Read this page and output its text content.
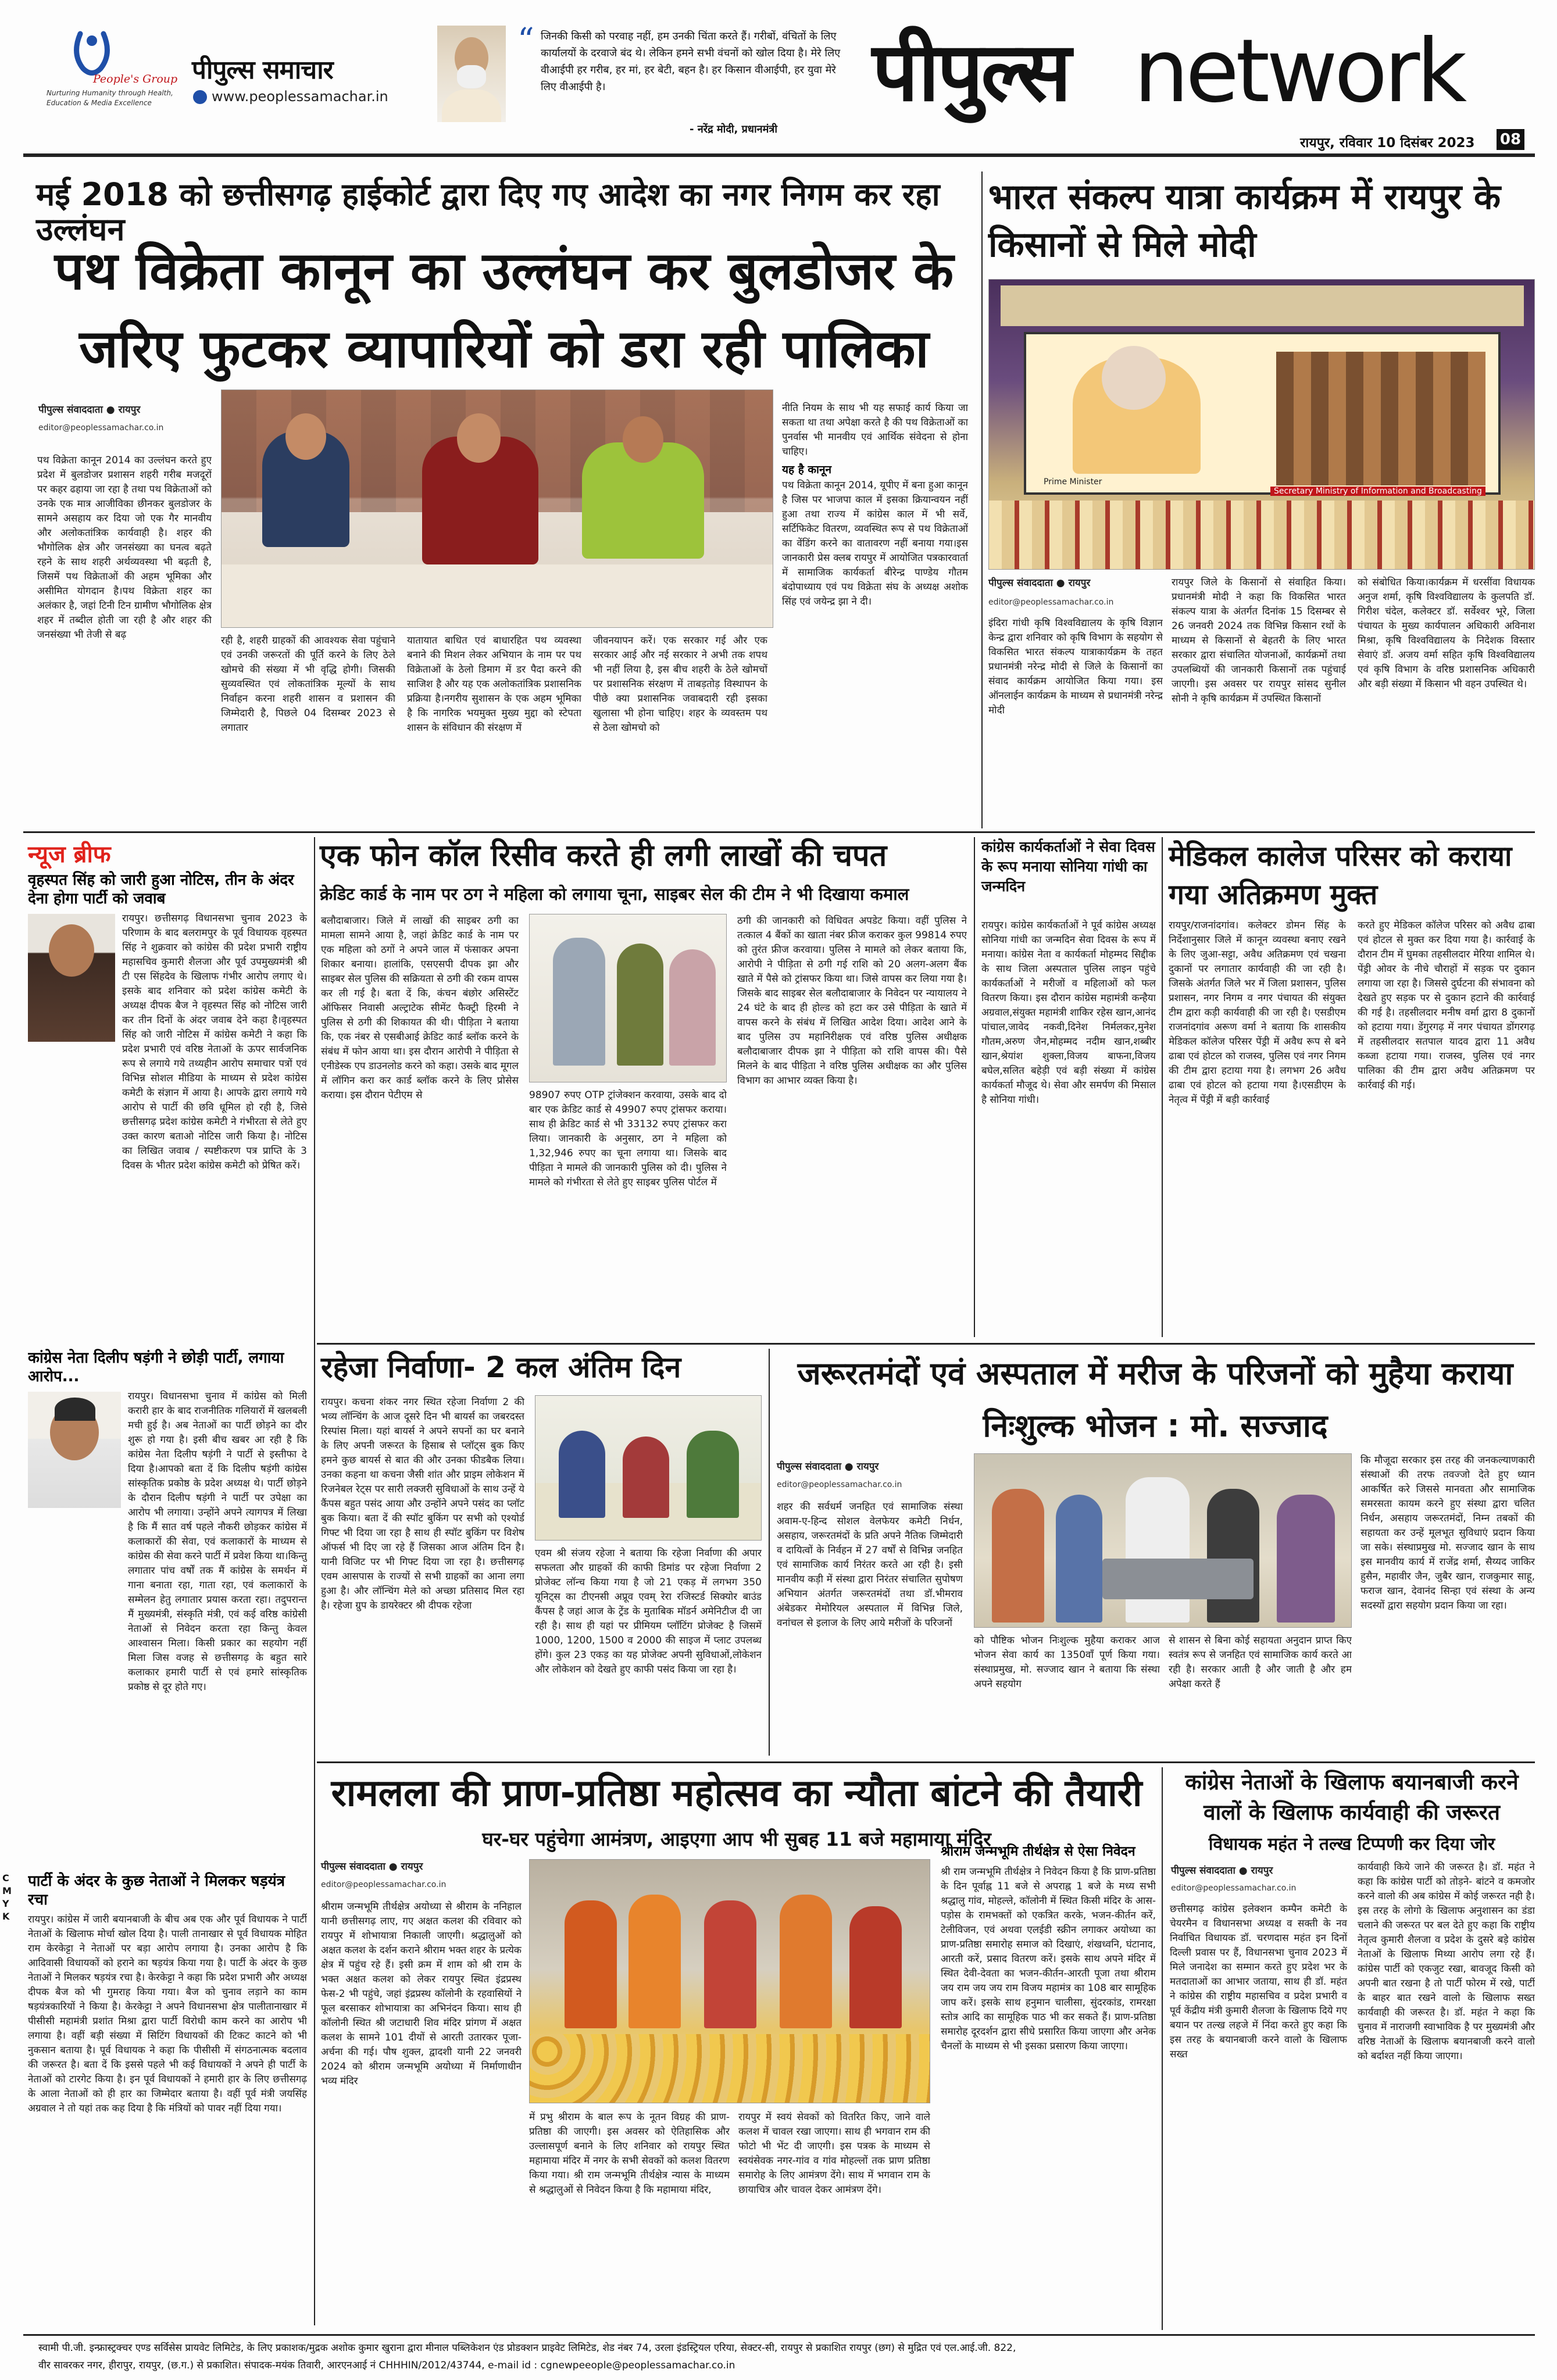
People's Group
Nurturing Humanity through Health, Education & Media Excellence
पीपुल्स समाचार
www.peoplessamachar.in
“ जिनकी किसी को परवाह नहीं, हम उनकी चिंता करते हैं। गरीबों, वंचितों के लिए कार्यालयों के दरवाजे बंद थे। लेकिन हमने सभी वंचनों को खोल दिया है। मेरे लिए वीआईपी हर गरीब, हर मां, हर बेटी, बहन है। हर किसान वीआईपी, हर युवा मेरे लिए वीआईपी है।
- नरेंद्र मोदी, प्रधानमंत्री
पीपुल्स network
रायपुर, रविवार 10 दिसंबर 2023 08
मई 2018 को छत्तीसगढ़ हाईकोर्ट द्वारा दिए गए आदेश का नगर निगम कर रहा उल्लंघन
पथ विक्रेता कानून का उल्लंघन कर बुलडोजर के जरिए फुटकर व्यापारियों को डरा रही पालिका
पीपुल्स संवाददाता ● रायपुर
editor@peoplessamachar.co.in
पथ विक्रेता कानून 2014 का उल्लंघन करते हुए प्रदेश में बुलडोजर प्रशासन शहरी गरीब मजदूरों पर कहर ढहाया जा रहा है तथा पथ विक्रेताओं को उनके एक मात्र आजीविका छीनकर बुलडोजर के सामने असहाय कर दिया जो एक गैर मानवीय और अलोकतांत्रिक कार्यवाही है। शहर की भौगोलिक क्षेत्र और जनसंख्या का घनत्व बढ़ते रहने के साथ शहरी अर्थव्यवस्था भी बढ़ती है, जिसमें पथ विक्रेताओं की अहम भूमिका और असीमित योगदान है।पथ विक्रेता शहर का अलंकार है, जहां टिनी टिन ग्रामीण भौगोलिक क्षेत्र शहर में तब्दील होती जा रही है और शहर की जनसंख्या भी तेजी से बढ़	रही है, शहरी ग्राहकों की आवश्यक सेवा पहुंचाने एवं उनकी जरूरतों की पूर्ति करने के लिए ठेले खोमचे की संख्या में भी वृद्धि होगी। जिसकी सुव्यवस्थित एवं लोकतांत्रिक मूल्यों के साथ निर्वाहन करना शहरी शासन व प्रशासन की जिम्मेदारी है, पिछले 04 दिसम्बर 2023 से लगातार
यातायात बाधित एवं बाधारहित पथ व्यवस्था बनाने की मिशन लेकर अभियान के नाम पर पथ विक्रेताओं के ठेलो डिमाग में डर पैदा करने की साजिश है और यह एक अलोकतांत्रिक प्रशासनिक प्रक्रिया है।नगरीय सुशासन के एक अहम भूमिका है कि नागरिक भयमुक्त मुख्य मुद्दा को स्टेपता शासन के संविधान की संरक्षण में
जीवनयापन करें। एक सरकार गई और एक सरकार आई और नई सरकार ने अभी तक शपथ भी नहीं लिया है, इस बीच शहरी के ठेले खोमचों पर प्रशासनिक संरक्षण में ताबड़तोड़ विस्थापन के पीछे क्या प्रशासनिक जवाबदारी रही इसका खुलासा भी होना चाहिए। शहर के व्यवस्तम पथ से ठेला खोमचो को
नीति नियम के साथ भी यह सफाई कार्य किया जा सकता था तथा अपेक्षा करते है की पथ विक्रेताओं का पुनर्वास भी मानवीय एवं आर्थिक संवेदना से होना चाहिए।
यह है कानून
पथ विक्रेता कानून 2014, यूपीए में बना हुआ कानून है जिस पर भाजपा काल में इसका क्रियान्वयन नहीं हुआ तथा राज्य में कांग्रेस काल में भी सर्वे, सर्टिफिकेट वितरण, व्यवस्थित रूप से पथ विक्रेताओं का वेंडिंग करने का वातावरण नहीं बनाया गया।इस जानकारी प्रेस क्लब रायपुर में आयोजित पत्रकारवार्ता में सामाजिक कार्यकर्ता बीरेन्द्र पाण्डेय गौतम बंदोपाध्याय एवं पथ विक्रेता संघ के अध्यक्ष अशोक सिंह एवं जयेन्द्र झा ने दी।
भारत संकल्प यात्रा कार्यक्रम में रायपुर के किसानों से मिले मोदी
Prime Minister
Secretary Ministry of Information and Broadcasting
पीपुल्स संवाददाता ● रायपुर
editor@peoplessamachar.co.in
इंदिरा गांधी कृषि विश्वविद्यालय के कृषि विज्ञान केन्द्र द्वारा शनिवार को कृषि विभाग के सहयोग से विकसित भारत संकल्प यात्राकार्यक्रम के तहत प्रधानमंत्री नरेन्द्र मोदी से जिले के किसानों का संवाद कार्यक्रम आयोजित किया गया। इस ऑनलाईन कार्यक्रम के माध्यम से प्रधानमंत्री नरेन्द्र मोदी
रायपुर जिले के किसानों से संवाहित किया।प्रधानमंत्री मोदी ने कहा कि विकसित भारत संकल्प यात्रा के अंतर्गत दिनांक 15 दिसम्बर से 26 जनवरी 2024 तक विभिन्न किसान रथों के माध्यम से किसानों से बेहतरी के लिए भारत सरकार द्वारा संचालित योजनाओं, कार्यक्रमों तथा उपलब्धियों की जानकारी किसानों तक पहुंचाई जाएगी। इस अवसर पर रायपुर सांसद सुनील सोनी ने कृषि कार्यक्रम में उपस्थित किसानों
को संबोधित किया।कार्यक्रम में धरसींवा विधायक अनुज शर्मा, कृषि विश्वविद्यालय के कुलपति डॉ. गिरीश चंदेल, कलेक्टर डॉ. सर्वेश्वर भूरे, जिला पंचायत के मुख्य कार्यपालन अधिकारी अविनाश मिश्रा, कृषि विश्वविद्यालय के निदेशक विस्तार सेवाएं डॉ. अजय वर्मा सहित कृषि विश्वविद्यालय एवं कृषि विभाग के वरिष्ठ प्रशासनिक अधिकारी और बड़ी संख्या में किसान भी वहन उपस्थित थे।
न्यूज ब्रीफ
वृहस्पत सिंह को जारी हुआ नोटिस, तीन के अंदर देना होगा पार्टी को जवाब
रायपुर। छत्तीसगढ़ विधानसभा चुनाव 2023 के परिणाम के बाद बलरामपुर के पूर्व विधायक वृहस्पत सिंह ने शुक्रवार को कांग्रेस की प्रदेश प्रभारी राष्ट्रीय महासचिव कुमारी शैलजा और पूर्व उपमुख्यमंत्री श्री टी एस सिंहदेव के खिलाफ गंभीर आरोप लगाए थे। इसके बाद शनिवार को प्रदेश कांग्रेस कमेटी के अध्यक्ष दीपक बैज ने वृहस्पत सिंह को नोटिस जारी कर तीन दिनों के अंदर जवाब देने कहा है।वृहस्पत सिंह को जारी नोटिस में कांग्रेस कमेटी ने कहा कि प्रदेश प्रभारी एवं वरिष्ठ नेताओं के ऊपर सार्वजनिक रूप से लगाये गये तथ्यहीन आरोप समाचार पत्रों एवं विभिन्न सोशल मीडिया के माध्यम से प्रदेश कांग्रेस कमेटी के संज्ञान में आया है। आपके द्वारा लगाये गये आरोप से पार्टी की छवि धूमिल हो रही है, जिसे छत्तीसगढ़ प्रदेश कांग्रेस कमेटी ने गंभीरता से लेते हुए उक्त कारण बताओ नोटिस जारी किया है। नोटिस का लिखित जवाब / स्पष्टीकरण पत्र प्राप्ति के 3 दिवस के भीतर प्रदेश कांग्रेस कमेटी को प्रेषित करें।
कांग्रेस नेता दिलीप षड़ंगी ने छोड़ी पार्टी, लगाया आरोप...
रायपुर। विधानसभा चुनाव में कांग्रेस को मिली करारी हार के बाद राजनीतिक गलियारों में खलबली मची हुई है। अब नेताओं का पार्टी छोड़ने का दौर शुरू हो गया है। इसी बीच खबर आ रही है कि कांग्रेस नेता दिलीप षड़ंगी ने पार्टी से इस्तीफा दे दिया है।आपको बता दें कि दिलीप षड़ंगी कांग्रेस सांस्कृतिक प्रकोष्ठ के प्रदेश अध्यक्ष थे। पार्टी छोड़ने के दौरान दिलीप षड़ंगी ने पार्टी पर उपेक्षा का आरोप भी लगाया। उन्होंने अपने त्यागपत्र में लिखा है कि मैं सात वर्ष पहले नौकरी छोड़कर कांग्रेस में कलाकारों की सेवा, एवं कलाकारों के माध्यम से कांग्रेस की सेवा करने पार्टी में प्रवेश किया था।किन्तु लगातार पांच वर्षों तक मैं कांग्रेस के समर्थन में गाना बनाता रहा, गाता रहा, एवं कलाकारों के सम्मेलन हेतु लगातार प्रयास करता रहा। तदुपरान्त मैं मुख्यमंत्री, संस्कृति मंत्री, एवं कई वरिष्ठ कांग्रेसी नेताओं से निवेदन करता रहा किन्तु केवल आश्वासन मिला। किसी प्रकार का सहयोग नहीं मिला जिस वजह से छत्तीसगढ़ के बहुत सारे कलाकार हमारी पार्टी से एवं हमारे सांस्कृतिक प्रकोष्ठ से दूर होते गए।
पार्टी के अंदर के कुछ नेताओं ने मिलकर षड़यंत्र रचा
रायपुर। कांग्रेस में जारी बयानबाजी के बीच अब एक और पूर्व विधायक ने पार्टी नेताओं के खिलाफ मोर्चा खोल दिया है। पाली तानाखार से पूर्व विधायक मोहित राम केरकेट्टा ने नेताओं पर बड़ा आरोप लगाया है। उनका आरोप है कि आदिवासी विधायकों को हराने का षड़यंत्र किया गया है। पार्टी के अंदर के कुछ नेताओं ने मिलकर षड़यंत्र रचा है। केरकेट्टा ने कहा कि प्रदेश प्रभारी और अध्यक्ष दीपक बैज को भी गुमराह किया गया। बैज को चुनाव लड़ाने का काम षड़यंत्रकारियों ने किया है। केरकेट्टा ने अपने विधानसभा क्षेत्र पालीतानाखार में पीसीसी महामंत्री प्रशांत मिश्रा द्वारा पार्टी विरोधी काम करने का आरोप भी लगाया है। वहीं बड़ी संख्या में सिटिंग विधायकों की टिकट काटने को भी नुकसान बताया है। पूर्व विधायक ने कहा कि पीसीसी में संगठनात्मक बदलाव की जरूरत है। बता दें कि इससे पहले भी कई विधायकों ने अपने ही पार्टी के नेताओं को टारगेट किया है। इन पूर्व विधायकों ने हमारी हार के लिए छत्तीसगढ़ के आला नेताओं को ही हार का जिम्मेदार बताया है। वहीं पूर्व मंत्री जयसिंह अग्रवाल ने तो यहां तक कह दिया है कि मंत्रियों को पावर नहीं दिया गया।
C M Y K
एक फोन कॉल रिसीव करते ही लगी लाखों की चपत
क्रेडिट कार्ड के नाम पर ठग ने महिला को लगाया चूना, साइबर सेल की टीम ने भी दिखाया कमाल
बलौदाबाजार। जिले में लाखों की साइबर ठगी का मामला सामने आया है, जहां क्रेडिट कार्ड के नाम पर एक महिला को ठगों ने अपने जाल में फंसाकर अपना शिकार बनाया। हालांकि, एसएसपी दीपक झा और साइबर सेल पुलिस की सक्रियता से ठगी की रकम वापस कर ली गई है। बता दें कि, कंचन बंछोर असिस्टेंट ऑफिसर निवासी अल्ट्राटेक सीमेंट फैक्ट्री हिरमी ने पुलिस से ठगी की शिकायत की थी। पीड़िता ने बताया कि, एक नंबर से एसबीआई क्रेडिट कार्ड ब्लॉक करने के संबंध में फोन आया था। इस दौरान आरोपी ने पीड़िता से एनीडेस्क एप डाउनलोड करने को कहा। उसके बाद मूगल में लॉगिन करा कर कार्ड ब्लॉक करने के लिए प्रोसेस कराया। इस दौरान पेटीएम से	98907 रुपए OTP ट्रांजेक्शन करवाया, उसके बाद दो बार एक क्रेडिट कार्ड से 49907 रुपए ट्रांसफर कराया। साथ ही क्रेडिट कार्ड से भी 33132 रुपए ट्रांसफर करा लिया। जानकारी के अनुसार, ठग ने महिला को 1,32,946 रुपए का चूना लगाया था। जिसके बाद पीड़िता ने मामले की जानकारी पुलिस को दी। पुलिस ने मामले को गंभीरता से लेते हुए साइबर पुलिस पोर्टल में
ठगी की जानकारी को विधिवत अपडेट किया। वहीं पुलिस ने तत्काल 4 बैंकों का खाता नंबर फ्रीज कराकर कुल 99814 रुपए को तुरंत फ्रीज करवाया। पुलिस ने मामले को लेकर बताया कि, आरोपी ने पीड़िता से ठगी गई राशि को 20 अलग-अलग बैंक खाते में पैसे को ट्रांसफर किया था। जिसे वापस कर लिया गया है। जिसके बाद साइबर सेल बलौदाबाजार के निवेदन पर न्यायालय ने 24 घंटे के बाद ही होल्ड को हटा कर उसे पीड़िता के खाते में वापस करने के संबंध में लिखित आदेश दिया। आदेश आने के बाद पुलिस उप महानिरीक्षक एवं वरिष्ठ पुलिस अधीक्षक बलौदाबाजार दीपक झा ने पीड़िता को राशि वापस की। पैसे मिलने के बाद पीड़िता ने वरिष्ठ पुलिस अधीक्षक का और पुलिस विभाग का आभार व्यक्त किया है।
कांग्रेस कार्यकर्ताओं ने सेवा दिवस के रूप मनाया सोनिया गांधी का जन्मदिन
रायपुर। कांग्रेस कार्यकर्ताओं ने पूर्व कांग्रेस अध्यक्ष सोनिया गांधी का जन्मदिन सेवा दिवस के रूप में मनाया। कांग्रेस नेता व कार्यकर्ता मोहम्मद सिद्दीक के साथ जिला अस्पताल पुलिस लाइन पहुंचे कार्यकर्ताओं ने मरीजों व महिलाओं को फल वितरण किया। इस दौरान कांग्रेस महामंत्री कन्हैया अग्रवाल,संयुक्त महामंत्री शाकिर रहेस खान,आनंद पांचाल,जावेद नकवी,दिनेश निर्मलकर,मुनेश गौतम,अरुण जैन,मोहम्मद नदीम खान,शब्बीर खान,श्रेयांश शुक्ला,विजय बाफना,विजय बघेल,सलित बहेड़ी एवं बड़ी संख्या में कांग्रेस कार्यकर्ता मौजूद थे। सेवा और समर्पण की मिसाल है सोनिया गांधी।
मेडिकल कालेज परिसर को कराया गया अतिक्रमण मुक्त
रायपुर/राजनांदगांव। कलेक्टर डोमन सिंह के निर्देशानुसार जिले में कानून व्यवस्था बनाए रखने के लिए जुआ-सट्टा, अवैध अतिक्रमण एवं चखना दुकानों पर लगातार कार्यवाही की जा रही है। जिसके अंतर्गत जिले भर में जिला प्रशासन, पुलिस प्रशासन, नगर निगम व नगर पंचायत की संयुक्त टीम द्वारा कड़ी कार्यवाही की जा रही है। एसडीएम राजनांदगांव अरूण वर्मा ने बताया कि शासकीय मेडिकल कॉलेज परिसर पेंड्री में अवैध रूप से बने ढाबा एवं होटल को राजस्व, पुलिस एवं नगर निगम की टीम द्वारा हटाया गया है। लगभग 26 अवैध ढाबा एवं होटल को हटाया गया है।एसडीएम के नेतृत्व में पेंड्री में बड़ी कार्रवाई
करते हुए मेडिकल कॉलेज परिसर को अवैध ढाबा एवं होटल से मुक्त कर दिया गया है। कार्रवाई के दौरान टीम में घुमका तहसीलदार मेरिया शामिल थे। पेंड्री ओवर के नीचे चौराहों में सड़क पर दुकान लगाया जा रहा है। जिससे दुर्घटना की संभावना को देखते हुए सड़क पर से दुकान हटाने की कार्रवाई की गई है। तहसीलदार मनीष वर्मा द्वारा 8 दुकानों को हटाया गया। डेंगुरगढ़ में नगर पंचायत डोंगरगढ़ में तहसीलदार सतपाल यादव द्वारा 11 अवैध कब्जा हटाया गया। राजस्व, पुलिस एवं नगर पालिका की टीम द्वारा अवैध अतिक्रमण पर कार्रवाई की गई।
रहेजा निर्वाणा- 2 कल अंतिम दिन
रायपुर। कचना शंकर नगर स्थित रहेजा निर्वाणा 2 की भव्य लॉन्चिंग के आज दूसरे दिन भी बायर्स का जबरदस्त रिस्पांस मिला। यहां बायर्स ने अपने सपनों का घर बनाने के लिए अपनी जरूरत के हिसाब से प्लॉट्स बुक किए हमने कुछ बायर्स से बात की और उनका फीडबैक लिया। उनका कहना था कचना जैसी शांत और प्राइम लोकेशन में रिजनेबल रेट्स पर सारी लक्जरी सुविधाओं के साथ उन्हें ये कैंपस बहुत पसंद आया और उन्होंने अपने पसंद का प्लॉट बुक किया। बता दें की स्पॉट बुकिंग पर सभी को एश्योर्ड गिफ्ट भी दिया जा रहा है साथ ही स्पॉट बुकिंग पर विशेष ऑफर्स भी दिए जा रहे हैं जिसका आज अंतिम दिन है। यानी विजिट पर भी गिफ्ट दिया जा रहा है। छत्तीसगढ़ एवम आसपास के राज्यों से सभी ग्राहकों का आना लगा हुआ है। और लॉन्चिंग मेले को अच्छा प्रतिसाद मिल रहा है। रहेजा ग्रुप के डायरेक्टर श्री दीपक रहेजा
एवम श्री संजय रहेजा ने बताया कि रहेजा निर्वाणा की अपार सफलता और ग्राहकों की काफी डिमांड पर रहेजा निर्वाणा 2 प्रोजेक्ट लॉन्च किया गया है जो 21 एकड़ में लगभग 350 यूनिट्स का टीएनसी अप्रूव एवम् रेरा रजिस्टर्ड सिक्योर बाउंड कैंपस है जहां आज के ट्रेंड के मुताबिक मॉडर्न अमेनिटीज दी जा रही है। साथ ही यहां पर प्रीमियम प्लॉटिंग प्रोजेक्ट है जिसमें 1000, 1200, 1500 व 2000 की साइज में प्लाट उपलब्ध होंगे। कुल 23 एकड़ का यह प्रोजेक्ट अपनी सुविधाओं,लोकेशन और लोकेशन को देखते हुए काफी पसंद किया जा रहा है।
जरूरतमंदों एवं अस्पताल में मरीज के परिजनों को मुहैया कराया निःशुल्क भोजन : मो. सज्जाद
पीपुल्स संवाददाता ● रायपुर
editor@peoplessamachar.co.in
शहर की सर्वधर्म जनहित एवं सामाजिक संस्था अवाम-ए-हिन्द सोशल वेलफेयर कमेटी निर्धन, असहाय, जरूरतमंदों के प्रति अपने नैतिक जिम्मेदारी व दायित्वों के निर्वहन में 27 वर्षों से विभिन्न जनहित एवं सामाजिक कार्य निरंतर करते आ रही है। इसी मानवीय कड़ी में संस्था द्वारा निरंतर संचालित सुपोषण अभियान अंतर्गत जरूरतमंदों तथा डॉ.भीमराव अंबेडकर मेमोरियल अस्पताल में विभिन्न जिले, वनांचल से इलाज के लिए आये मरीजों के परिजनों
को पौष्टिक भोजन निःशुल्क मुहैया कराकर आज भोजन सेवा कार्य का 1350वाँ पूर्ण किया गया। संस्थाप्रमुख, मो. सज्जाद खान ने बताया कि संस्था अपने सहयोग
से शासन से बिना कोई सहायता अनुदान प्राप्त किए स्वतंत्र रूप से जनहित एवं सामाजिक कार्य करते आ रही है। सरकार आती है और जाती है और हम अपेक्षा करते हैं
कि मौजूदा सरकार इस तरह की जनकल्याणकारी संस्थाओं की तरफ तवज्जो देते हुए ध्यान आकर्षित करे जिससे मानवता और सामाजिक समरसता कायम करने हुए संस्था द्वारा चलित निर्धन, असहाय जरूरतमंदों, निम्न तबकों की सहायता कर उन्हें मूलभूत सुविधाएं प्रदान किया जा सके। संस्थाप्रमुख मो. सज्जाद खान के साथ इस मानवीय कार्य में राजेंद्र शर्मा, सैय्यद जाकिर हुसैन, महावीर जैन, जुबैर खान, राजकुमार साहू, फराज खान, देवानंद सिन्हा एवं संस्था के अन्य सदस्यों द्वारा सहयोग प्रदान किया जा रहा।
रामलला की प्राण-प्रतिष्ठा महोत्सव का न्यौता बांटने की तैयारी
घर-घर पहुंचेगा आमंत्रण, आइएगा आप भी सुबह 11 बजे महामाया मंदिर
पीपुल्स संवाददाता ● रायपुर
editor@peoplessamachar.co.in
श्रीराम जन्मभूमि तीर्थक्षेत्र अयोध्या से श्रीराम के ननिहाल यानी छत्तीसगढ़ लाए, गए अक्षत कलश की रविवार को रायपुर में शोभायात्रा निकाली जाएगी। श्रद्धालुओं को अक्षत कलश के दर्शन कराने श्रीराम भक्त शहर के प्रत्येक क्षेत्र में पहुंच रहे हैं। इसी क्रम में शाम को श्री राम के भक्त अक्षत कलश को लेकर रायपुर स्थित इंद्रप्रस्थ फेस-2 भी पहुंचे, जहां इंद्रप्रस्थ कॉलोनी के रहवासियों ने फूल बरसाकर शोभायात्रा का अभिनंदन किया। साथ ही कॉलोनी स्थित श्री जटाधारी शिव मंदिर प्रांगण में अक्षत कलश के सामने 101 दीयों से आरती उतारकर पूजा-अर्चना की गई। पौष शुक्ल, द्वादशी यानी 22 जनवरी 2024 को श्रीराम जन्मभूमि अयोध्या में निर्माणाधीन भव्य मंदिर
में प्रभु श्रीराम के बाल रूप के नूतन विग्रह की प्राण-प्रतिष्ठा की जाएगी। इस अवसर को ऐतिहासिक और उल्लासपूर्ण बनाने के लिए शनिवार को रायपुर स्थित महामाया मंदिर में नगर के सभी सेवकों को कलश वितरण किया गया। श्री राम जन्मभूमि तीर्थक्षेत्र न्यास के माध्यम से श्रद्धालुओं से निवेदन किया है कि महामाया मंदिर,
रायपुर में स्वयं सेवकों को वितरित किए, जाने वाले कलश में चावल रखा जाएगा। साथ ही भगवान राम की फोटो भी भेंट दी जाएगी। इस पत्रक के माध्यम से स्वयंसेवक नगर-गांव व गांव मोहल्लों तक प्राण प्रतिष्ठा समारोह के लिए आमंत्रण देंगे। साथ में भगवान राम के छायाचित्र और चावल देकर आमंत्रण देंगे।
श्रीराम जन्मभूमि तीर्थक्षेत्र से ऐसा निवेदन
श्री राम जन्मभूमि तीर्थक्षेत्र ने निवेदन किया है कि प्राण-प्रतिष्ठा के दिन पूर्वाह्न 11 बजे से अपराह्न 1 बजे के मध्य सभी श्रद्धालु गांव, मोहल्ले, कॉलोनी में स्थित किसी मंदिर के आस-पड़ोस के रामभक्तों को एकत्रित करके, भजन-कीर्तन करें, टेलीविजन, एवं अथवा एलईडी स्क्रीन लगाकर अयोध्या का प्राण-प्रतिष्ठा समारोह समाज को दिखाएं, शंखध्वनि, घंटानाद, आरती करें, प्रसाद वितरण करें। इसके साथ अपने मंदिर में स्थित देवी-देवता का भजन-कीर्तन-आरती पूजा तथा श्रीराम जय राम जय जय राम विजय महामंत्र का 108 बार सामूहिक जाप करें। इसके साथ हनुमान चालीसा, सुंदरकांड, रामरक्षा स्तोत्र आदि का सामूहिक पाठ भी कर सकते हैं। प्राण-प्रतिष्ठा समारोह दूरदर्शन द्वारा सीधे प्रसारित किया जाएगा और अनेक चैनलों के माध्यम से भी इसका प्रसारण किया जाएगा।
कांग्रेस नेताओं के खिलाफ बयानबाजी करने वालों के खिलाफ कार्यवाही की जरूरत
विधायक महंत ने तल्ख टिप्पणी कर दिया जोर
पीपुल्स संवाददाता ● रायपुर
editor@peoplessamachar.co.in
छत्तीसगढ़ कांग्रेस इलेक्शन कम्पैन कमेटी के चेयरमैन व विधानसभा अध्यक्ष व सक्ती के नव निर्वाचित विधायक डॉ. चरणदास महंत इन दिनों दिल्ली प्रवास पर हैं, विधानसभा चुनाव 2023 में मिले जनादेश का सम्मान करते हुए प्रदेश भर के मतदाताओं का आभार जताया, साथ ही डॉ. महंत ने कांग्रेस की राष्ट्रीय महासचिव व प्रदेश प्रभारी व पूर्व केंद्रीय मंत्री कुमारी शैलजा के खिलाफ दिये गए बयान पर तल्ख लहजे में निंदा करते हुए कहा कि इस तरह के बयानबाजी करने वालो के खिलाफ सख्त
कार्यवाही किये जाने की जरूरत है। डॉ. महंत ने कहा कि कांग्रेस पार्टी को तोड़ने- बांटने व कमजोर करने वालो की अब कांग्रेस में कोई जरूरत नही है। इस तरह के लोगो के खिलाफ अनुशासन का डंडा चलाने की जरूरत पर बल देते हुए कहा कि राष्ट्रीय नेतृत्व कुमारी शैलजा व प्रदेश के दुसरे बड़े कांग्रेस नेताओं के खिलाफ मिथ्या आरोप लगा रहे हैं। कांग्रेस पार्टी को एकजुट रखा, बावजूद किसी को अपनी बात रखना है तो पार्टी फोरम में रखे, पार्टी के बाहर बात रखने वालो के खिलाफ सख्त कार्यवाही की जरूरत है। डॉ. महंत ने कहा कि चुनाव में नाराजगी स्वाभाविक है पर मुख्यमंत्री और वरिष्ठ नेताओं के खिलाफ बयानबाजी करने वालो को बर्दाश्त नहीं किया जाएगा।
स्वामी पी.जी. इन्फ्रास्ट्रक्चर एण्ड सर्विसेस प्रायवेट लिमिटेड, के लिए प्रकाशक/मुद्रक अशोक कुमार खुराना द्वारा मीनाल पब्लिकेशन एंड प्रोडक्शन प्राइवेट लिमिटेड, शेड नंबर 74, उरला इंडस्ट्रियल एरिया, सेक्टर-सी, रायपुर से प्रकाशित रायपुर (छग) से मुद्रित एवं एल.आई.जी. 822,
वीर सावरकर नगर, हीरापुर, रायपुर, (छ.ग.) से प्रकाशित। संपादक-मयंक तिवारी, आरएनआई नं CHHHIN/2012/43744, e-mail id : cgnewpeeople@peoplessamachar.co.in
